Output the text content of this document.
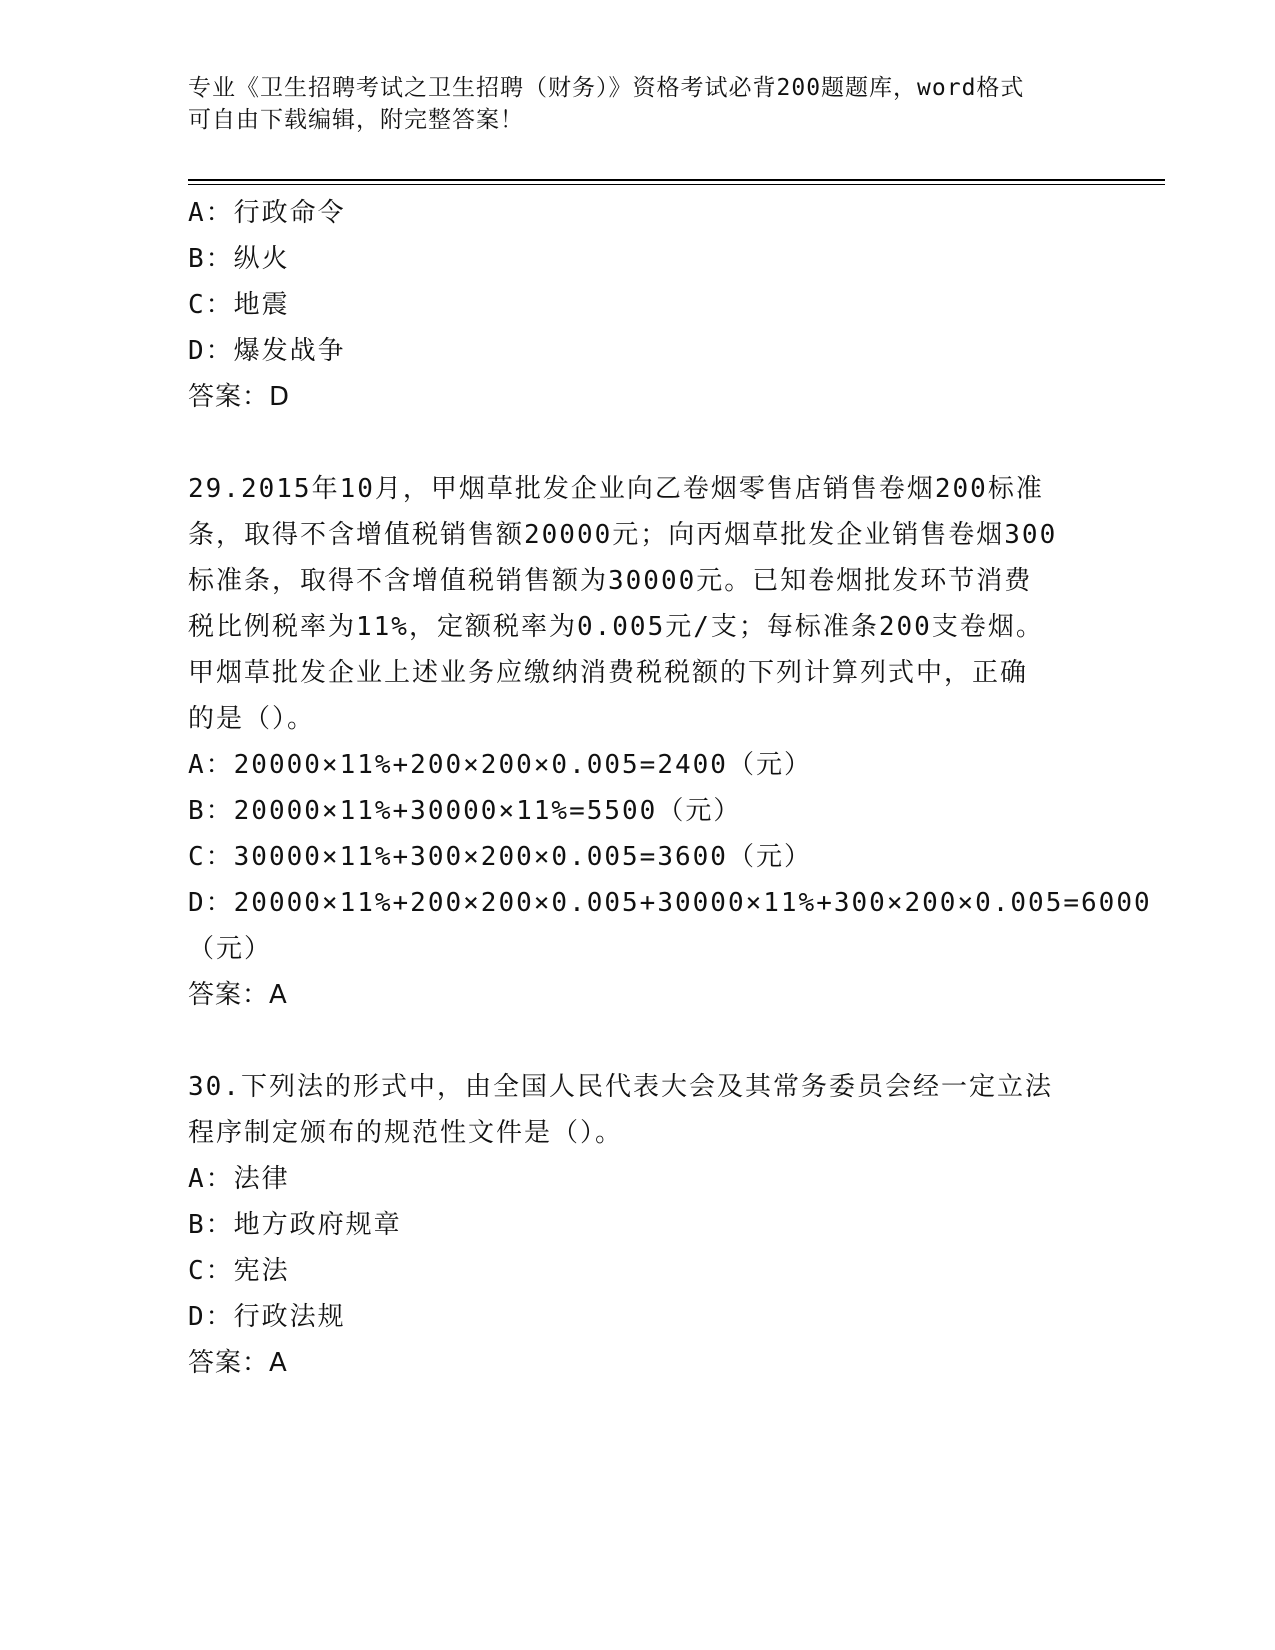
专业《卫生招聘考试之卫生招聘（财务）》资格考试必背200题题库，word格式
可自由下载编辑，附完整答案！
A：行政命令
B：纵火
C：地震
D：爆发战争
答案：D
29.2015年10月，甲烟草批发企业向乙卷烟零售店销售卷烟200标准
条，取得不含增值税销售额20000元；向丙烟草批发企业销售卷烟300
标准条，取得不含增值税销售额为30000元。已知卷烟批发环节消费
税比例税率为11%，定额税率为0.005元/支；每标准条200支卷烟。
甲烟草批发企业上述业务应缴纳消费税税额的下列计算列式中，正确
的是（）。
A：20000×11%+200×200×0.005=2400（元）
B：20000×11%+30000×11%=5500（元）
C：30000×11%+300×200×0.005=3600（元）
D：20000×11%+200×200×0.005+30000×11%+300×200×0.005=6000
（元）
答案：A
30.下列法的形式中，由全国人民代表大会及其常务委员会经一定立法
程序制定颁布的规范性文件是（）。
A：法律
B：地方政府规章
C：宪法
D：行政法规
答案：A
